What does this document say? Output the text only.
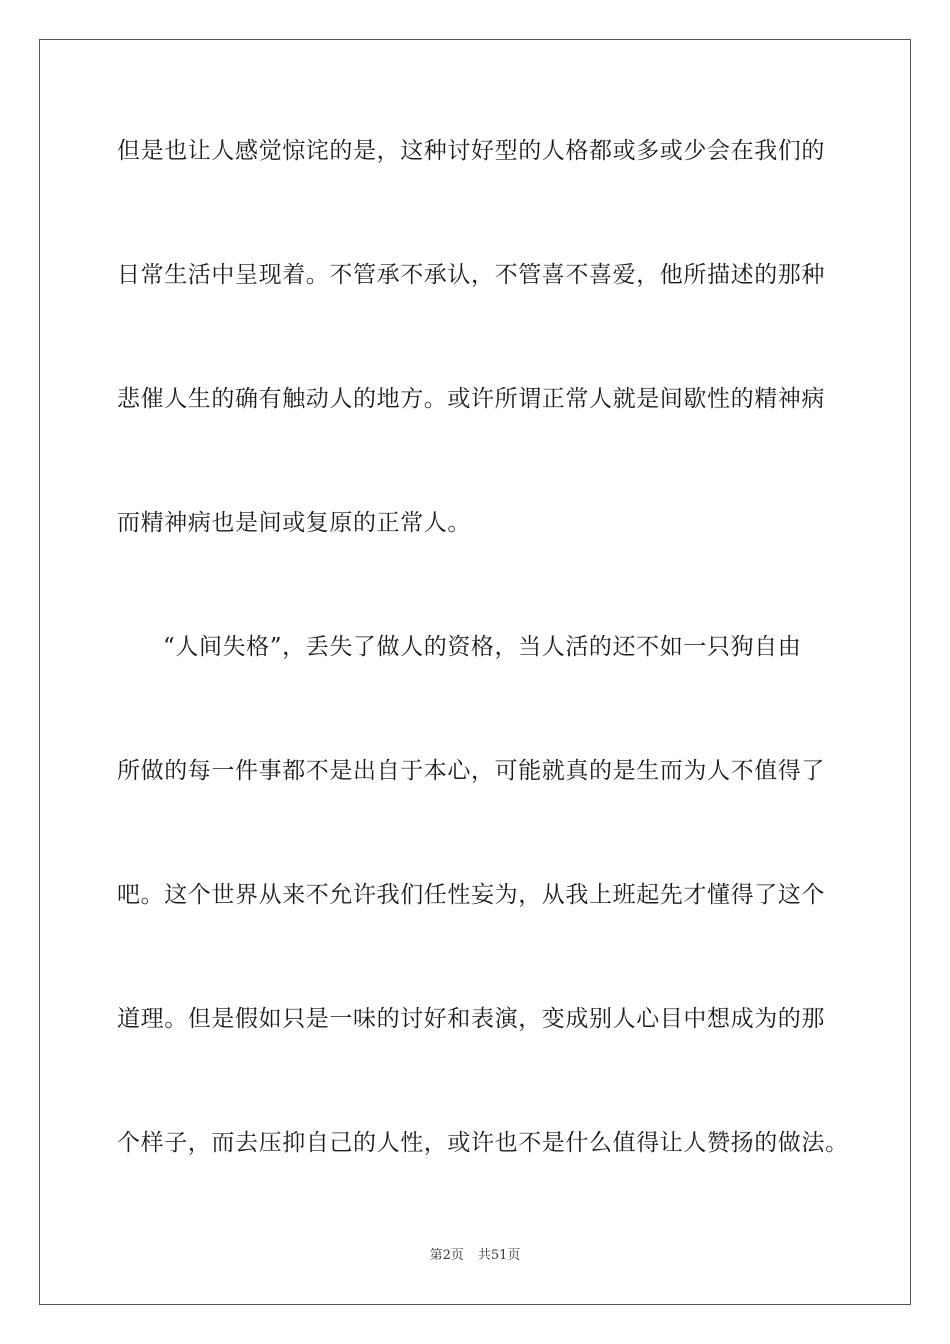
但是也让人感觉惊诧的是，这种讨好型的人格都或多或少会在我们的
日常生活中呈现着。不管承不承认，不管喜不喜爱，他所描述的那种
悲催人生的确有触动人的地方。或许所谓正常人就是间歇性的精神病
而精神病也是间或复原的正常人。
“人间失格”，丢失了做人的资格，当人活的还不如一只狗自由
所做的每一件事都不是出自于本心，可能就真的是生而为人不值得了
吧。这个世界从来不允许我们任性妄为，从我上班起先才懂得了这个
道理。但是假如只是一味的讨好和表演，变成别人心目中想成为的那
个样子，而去压抑自己的人性，或许也不是什么值得让人赞扬的做法。
第2页 共51页
